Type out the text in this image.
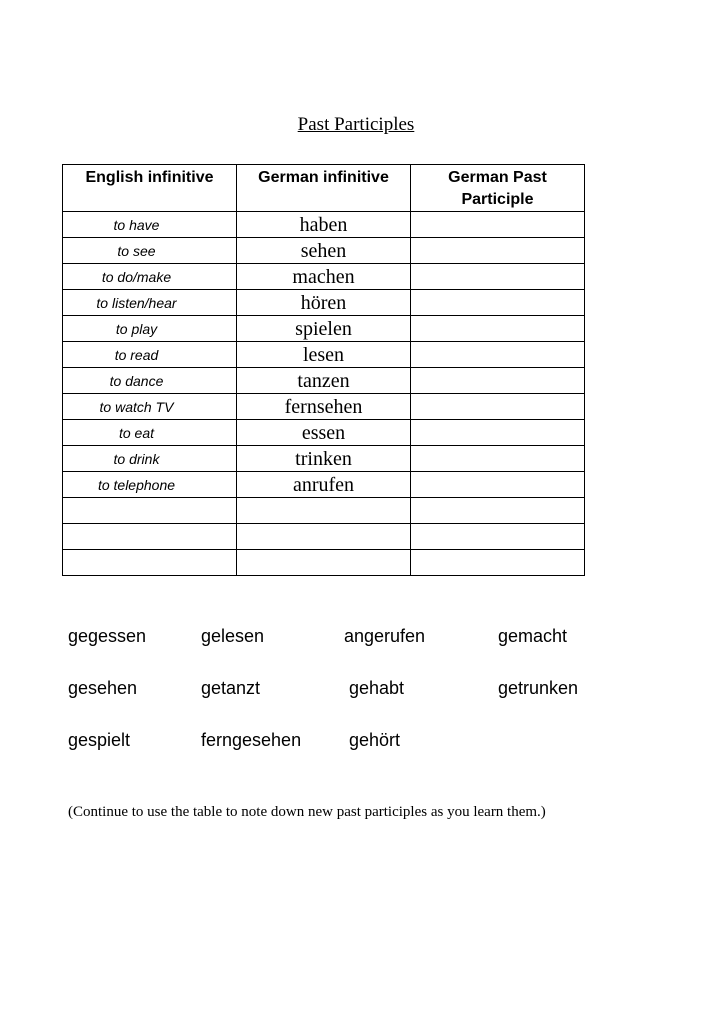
Past Participles
English infinitive	German infinitive	German Past Participle

to have	haben	
to see	sehen	
to do/make	machen	
to listen/hear	hören	
to play	spielen	
to read	lesen	
to dance	tanzen	
to watch TV	fernsehen	
to eat	essen	
to drink	trinken	
to telephone	anrufen	

gegessen	gelesen	angerufen	gemacht
gesehen	getanzt	gehabt	getrunken
gespielt	ferngesehen	gehört
(Continue to use the table to note down new past participles as you learn them.)
